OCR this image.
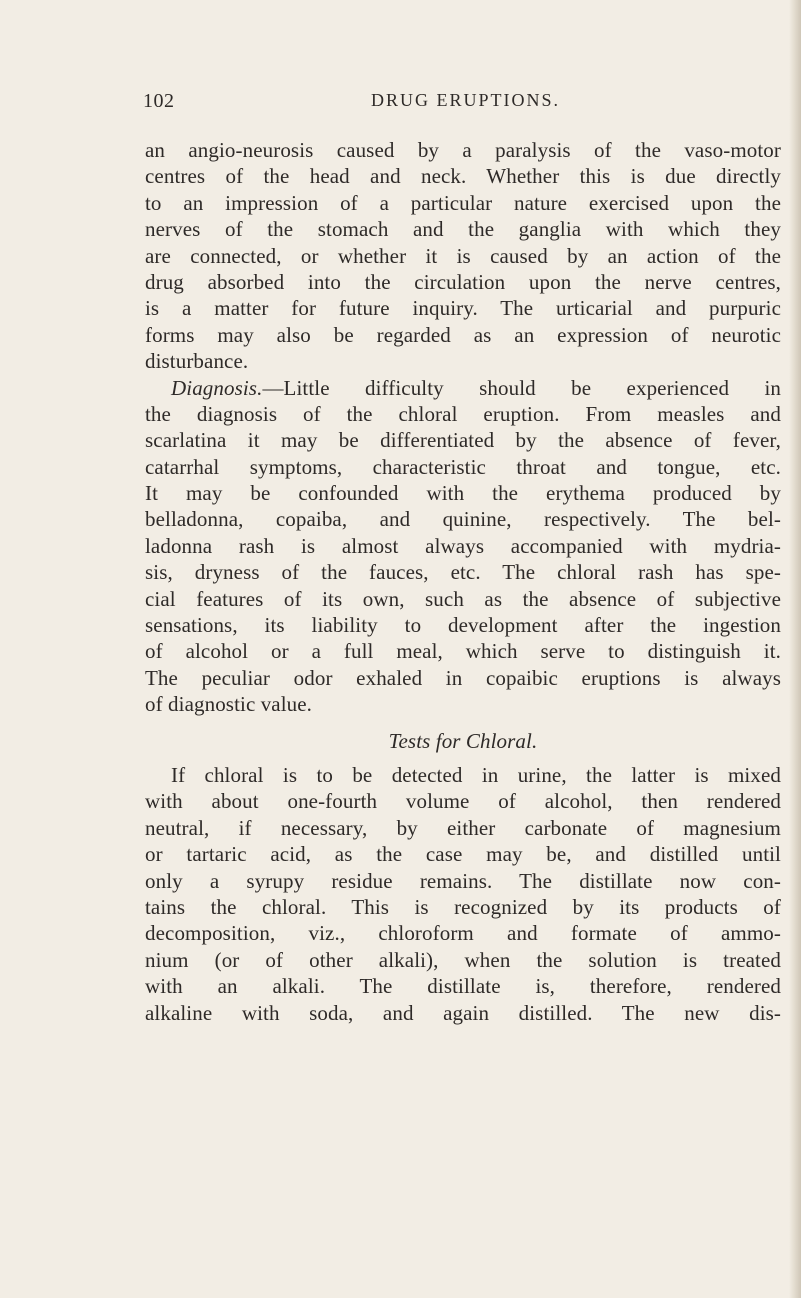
102	DRUG ERUPTIONS.
an angio-neurosis caused by a paralysis of the vaso-motor
centres of the head and neck. Whether this is due directly
to an impression of a particular nature exercised upon the
nerves of the stomach and the ganglia with which they
are connected, or whether it is caused by an action of the
drug absorbed into the circulation upon the nerve centres,
is a matter for future inquiry. The urticarial and purpuric
forms may also be regarded as an expression of neurotic
disturbance.
Diagnosis.—Little difficulty should be experienced in
the diagnosis of the chloral eruption. From measles and
scarlatina it may be differentiated by the absence of fever,
catarrhal symptoms, characteristic throat and tongue, etc.
It may be confounded with the erythema produced by
belladonna, copaiba, and quinine, respectively. The bel-
ladonna rash is almost always accompanied with mydria-
sis, dryness of the fauces, etc. The chloral rash has spe-
cial features of its own, such as the absence of subjective
sensations, its liability to development after the ingestion
of alcohol or a full meal, which serve to distinguish it.
The peculiar odor exhaled in copaibic eruptions is always
of diagnostic value.
Tests for Chloral.
If chloral is to be detected in urine, the latter is mixed
with about one-fourth volume of alcohol, then rendered
neutral, if necessary, by either carbonate of magnesium
or tartaric acid, as the case may be, and distilled until
only a syrupy residue remains. The distillate now con-
tains the chloral. This is recognized by its products of
decomposition, viz., chloroform and formate of ammo-
nium (or of other alkali), when the solution is treated
with an alkali. The distillate is, therefore, rendered
alkaline with soda, and again distilled. The new dis-
